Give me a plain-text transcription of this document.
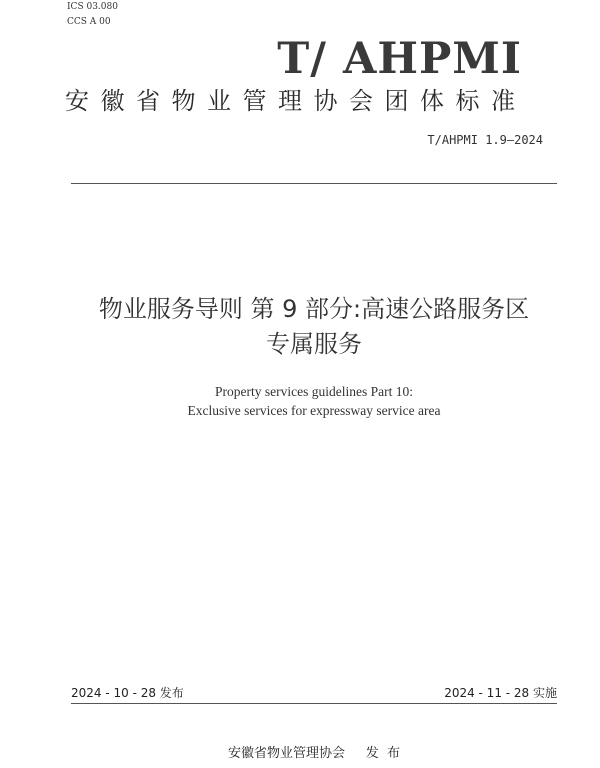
ICS 03.080
CCS A 00
T/ AHPMI
安徽省物业管理协会团体标准
T/AHPMI 1.9—2024
物业服务导则 第 9 部分:高速公路服务区
专属服务
Property services guidelines Part 10:
Exclusive services for expressway service area
2024 - 10 - 28 发布	2024 - 11 - 28 实施
安徽省物业管理协会     发  布
